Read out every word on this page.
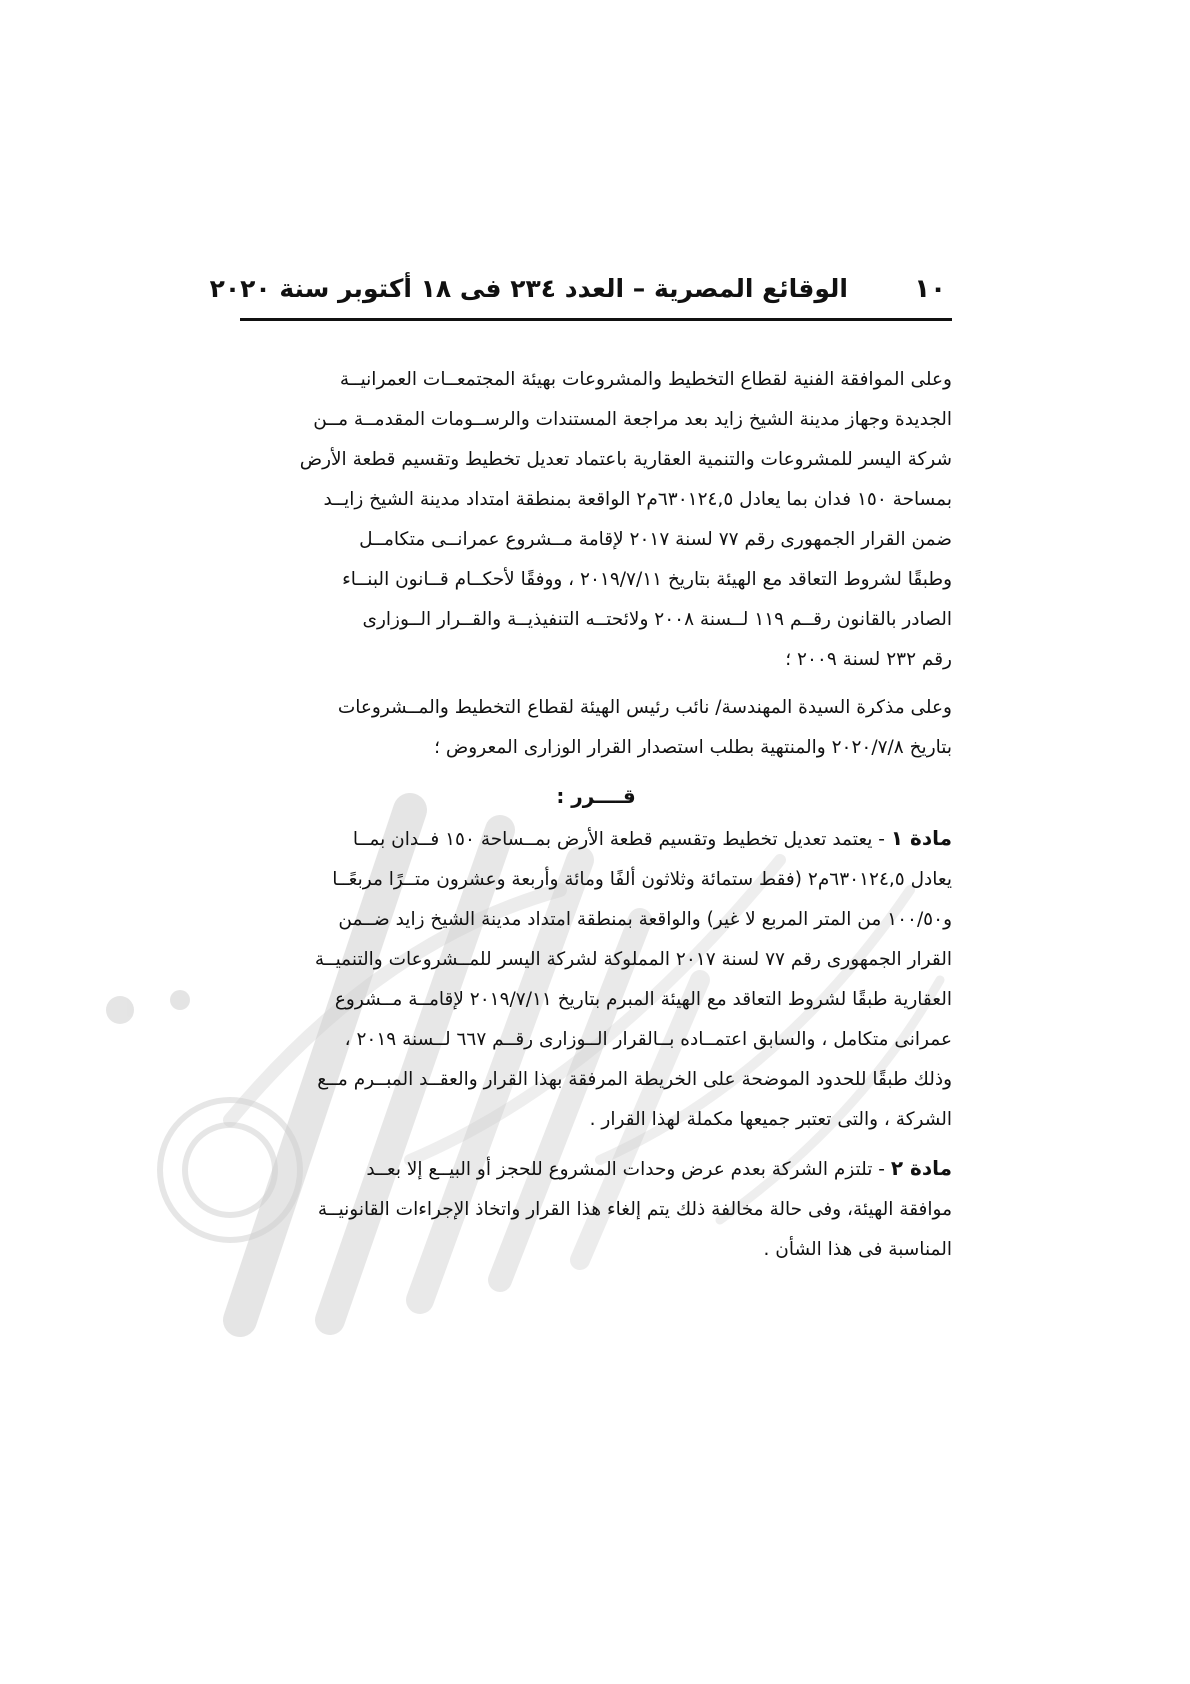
١٠
الوقائع المصرية – العدد ٢٣٤ فى ١٨ أكتوبر سنة ٢٠٢٠
وعلى الموافقة الفنية لقطاع التخطيط والمشروعات بهيئة المجتمعــات العمرانيــة
الجديدة وجهاز مدينة الشيخ زايد بعد مراجعة المستندات والرســومات المقدمــة مــن
شركة اليسر للمشروعات والتنمية العقارية باعتماد تعديل تخطيط وتقسيم قطعة الأرض
بمساحة ١٥٠ فدان بما يعادل ٦٣٠١٢٤,٥م٢ الواقعة بمنطقة امتداد مدينة الشيخ زايــد
ضمن القرار الجمهورى رقم ٧٧ لسنة ٢٠١٧ لإقامة مــشروع عمرانــى متكامــل
وطبقًا لشروط التعاقد مع الهيئة بتاريخ ٢٠١٩/٧/١١ ، ووفقًا لأحكــام قــانون البنــاء
الصادر بالقانون رقــم ١١٩ لــسنة ٢٠٠٨ ولائحتــه التنفيذيــة والقــرار الــوزارى
رقم ٢٣٢ لسنة ٢٠٠٩ ؛
وعلى مذكرة السيدة المهندسة/ نائب رئيس الهيئة لقطاع التخطيط والمــشروعات
بتاريخ ٢٠٢٠/٧/٨ والمنتهية بطلب استصدار القرار الوزارى المعروض ؛
قــــرر :
مادة ١ - يعتمد تعديل تخطيط وتقسيم قطعة الأرض بمــساحة ١٥٠ فــدان بمــا
يعادل ٦٣٠١٢٤,٥م٢ (فقط ستمائة وثلاثون ألفًا ومائة وأربعة وعشرون متــرًا مربعًــا
و١٠٠/٥٠ من المتر المربع لا غير) والواقعة بمنطقة امتداد مدينة الشيخ زايد ضــمن
القرار الجمهورى رقم ٧٧ لسنة ٢٠١٧ المملوكة لشركة اليسر للمــشروعات والتنميــة
العقارية طبقًا لشروط التعاقد مع الهيئة المبرم بتاريخ ٢٠١٩/٧/١١ لإقامــة مــشروع
عمرانى متكامل ، والسابق اعتمــاده بــالقرار الــوزارى رقــم ٦٦٧ لــسنة ٢٠١٩ ،
وذلك طبقًا للحدود الموضحة على الخريطة المرفقة بهذا القرار والعقــد المبــرم مــع
الشركة ، والتى تعتبر جميعها مكملة لهذا القرار .
مادة ٢ - تلتزم الشركة بعدم عرض وحدات المشروع للحجز أو البيــع إلا بعــد
موافقة الهيئة، وفى حالة مخالفة ذلك يتم إلغاء هذا القرار واتخاذ الإجراءات القانونيــة
المناسبة فى هذا الشأن .
